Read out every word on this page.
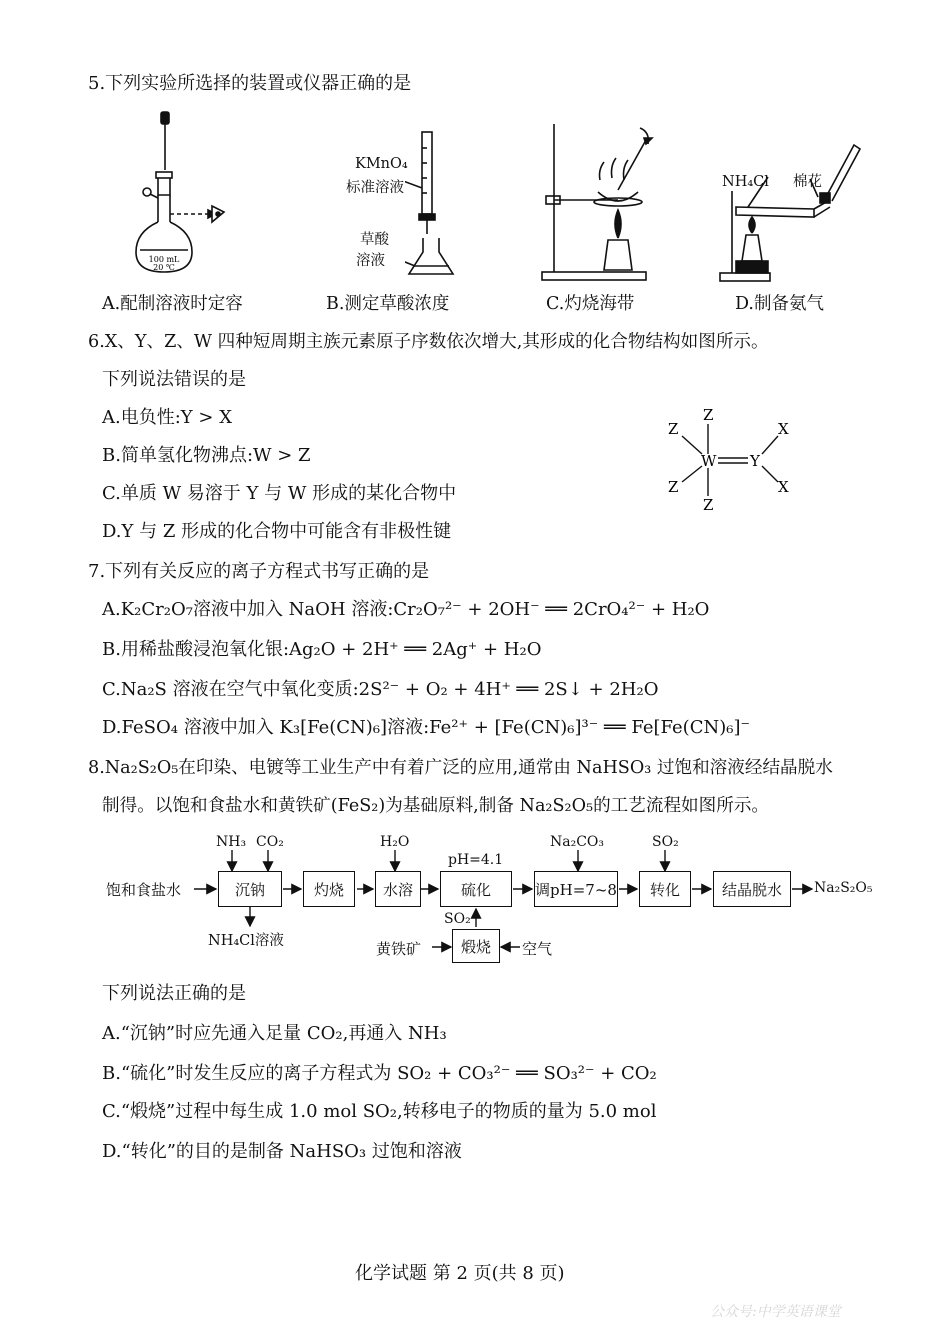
5.下列实验所选择的装置或仪器正确的是
100 mL
20 ℃
KMnO₄
标准溶液
草酸
溶液
NH₄Cl 棉花
A.配制溶液时定容	B.测定草酸浓度	C.灼烧海带	D.制备氨气
6.X、Y、Z、W 四种短周期主族元素原子序数依次增大,其形成的化合物结构如图所示。
下列说法错误的是
A.电负性:Y > X
B.简单氢化物沸点:W > Z
C.单质 W 易溶于 Y 与 W 形成的某化合物中
D.Y 与 Z 形成的化合物中可能含有非极性键
Z
Z
Z
Z
W Y
X
X
7.下列有关反应的离子方程式书写正确的是
A.K₂Cr₂O₇溶液中加入 NaOH 溶液:Cr₂O₇²⁻ + 2OH⁻ ══ 2CrO₄²⁻ + H₂O
B.用稀盐酸浸泡氧化银:Ag₂O + 2H⁺ ══ 2Ag⁺ + H₂O
C.Na₂S 溶液在空气中氧化变质:2S²⁻ + O₂ + 4H⁺ ══ 2S↓ + 2H₂O
D.FeSO₄ 溶液中加入 K₃[Fe(CN)₆]溶液:Fe²⁺ + [Fe(CN)₆]³⁻ ══ Fe[Fe(CN)₆]⁻
8.Na₂S₂O₅在印染、电镀等工业生产中有着广泛的应用,通常由 NaHSO₃ 过饱和溶液经结晶脱水
制得。以饱和食盐水和黄铁矿(FeS₂)为基础原料,制备 Na₂S₂O₅的工艺流程如图所示。
饱和食盐水	沉钠	灼烧	水溶	硫化	调pH=7~8	转化	结晶脱水	Na₂S₂O₅
NH₃ CO₂	H₂O
pH=4.1
Na₂CO₃	SO₂
NH₄Cl溶液
SO₂
黄铁矿	煅烧	空气
下列说法正确的是
A.“沉钠”时应先通入足量 CO₂,再通入 NH₃
B.“硫化”时发生反应的离子方程式为 SO₂ + CO₃²⁻ ══ SO₃²⁻ + CO₂
C.“煅烧”过程中每生成 1.0 mol SO₂,转移电子的物质的量为 5.0 mol
D.“转化”的目的是制备 NaHSO₃ 过饱和溶液
化学试题 第 2 页(共 8 页)
公众号:中学英语课堂
